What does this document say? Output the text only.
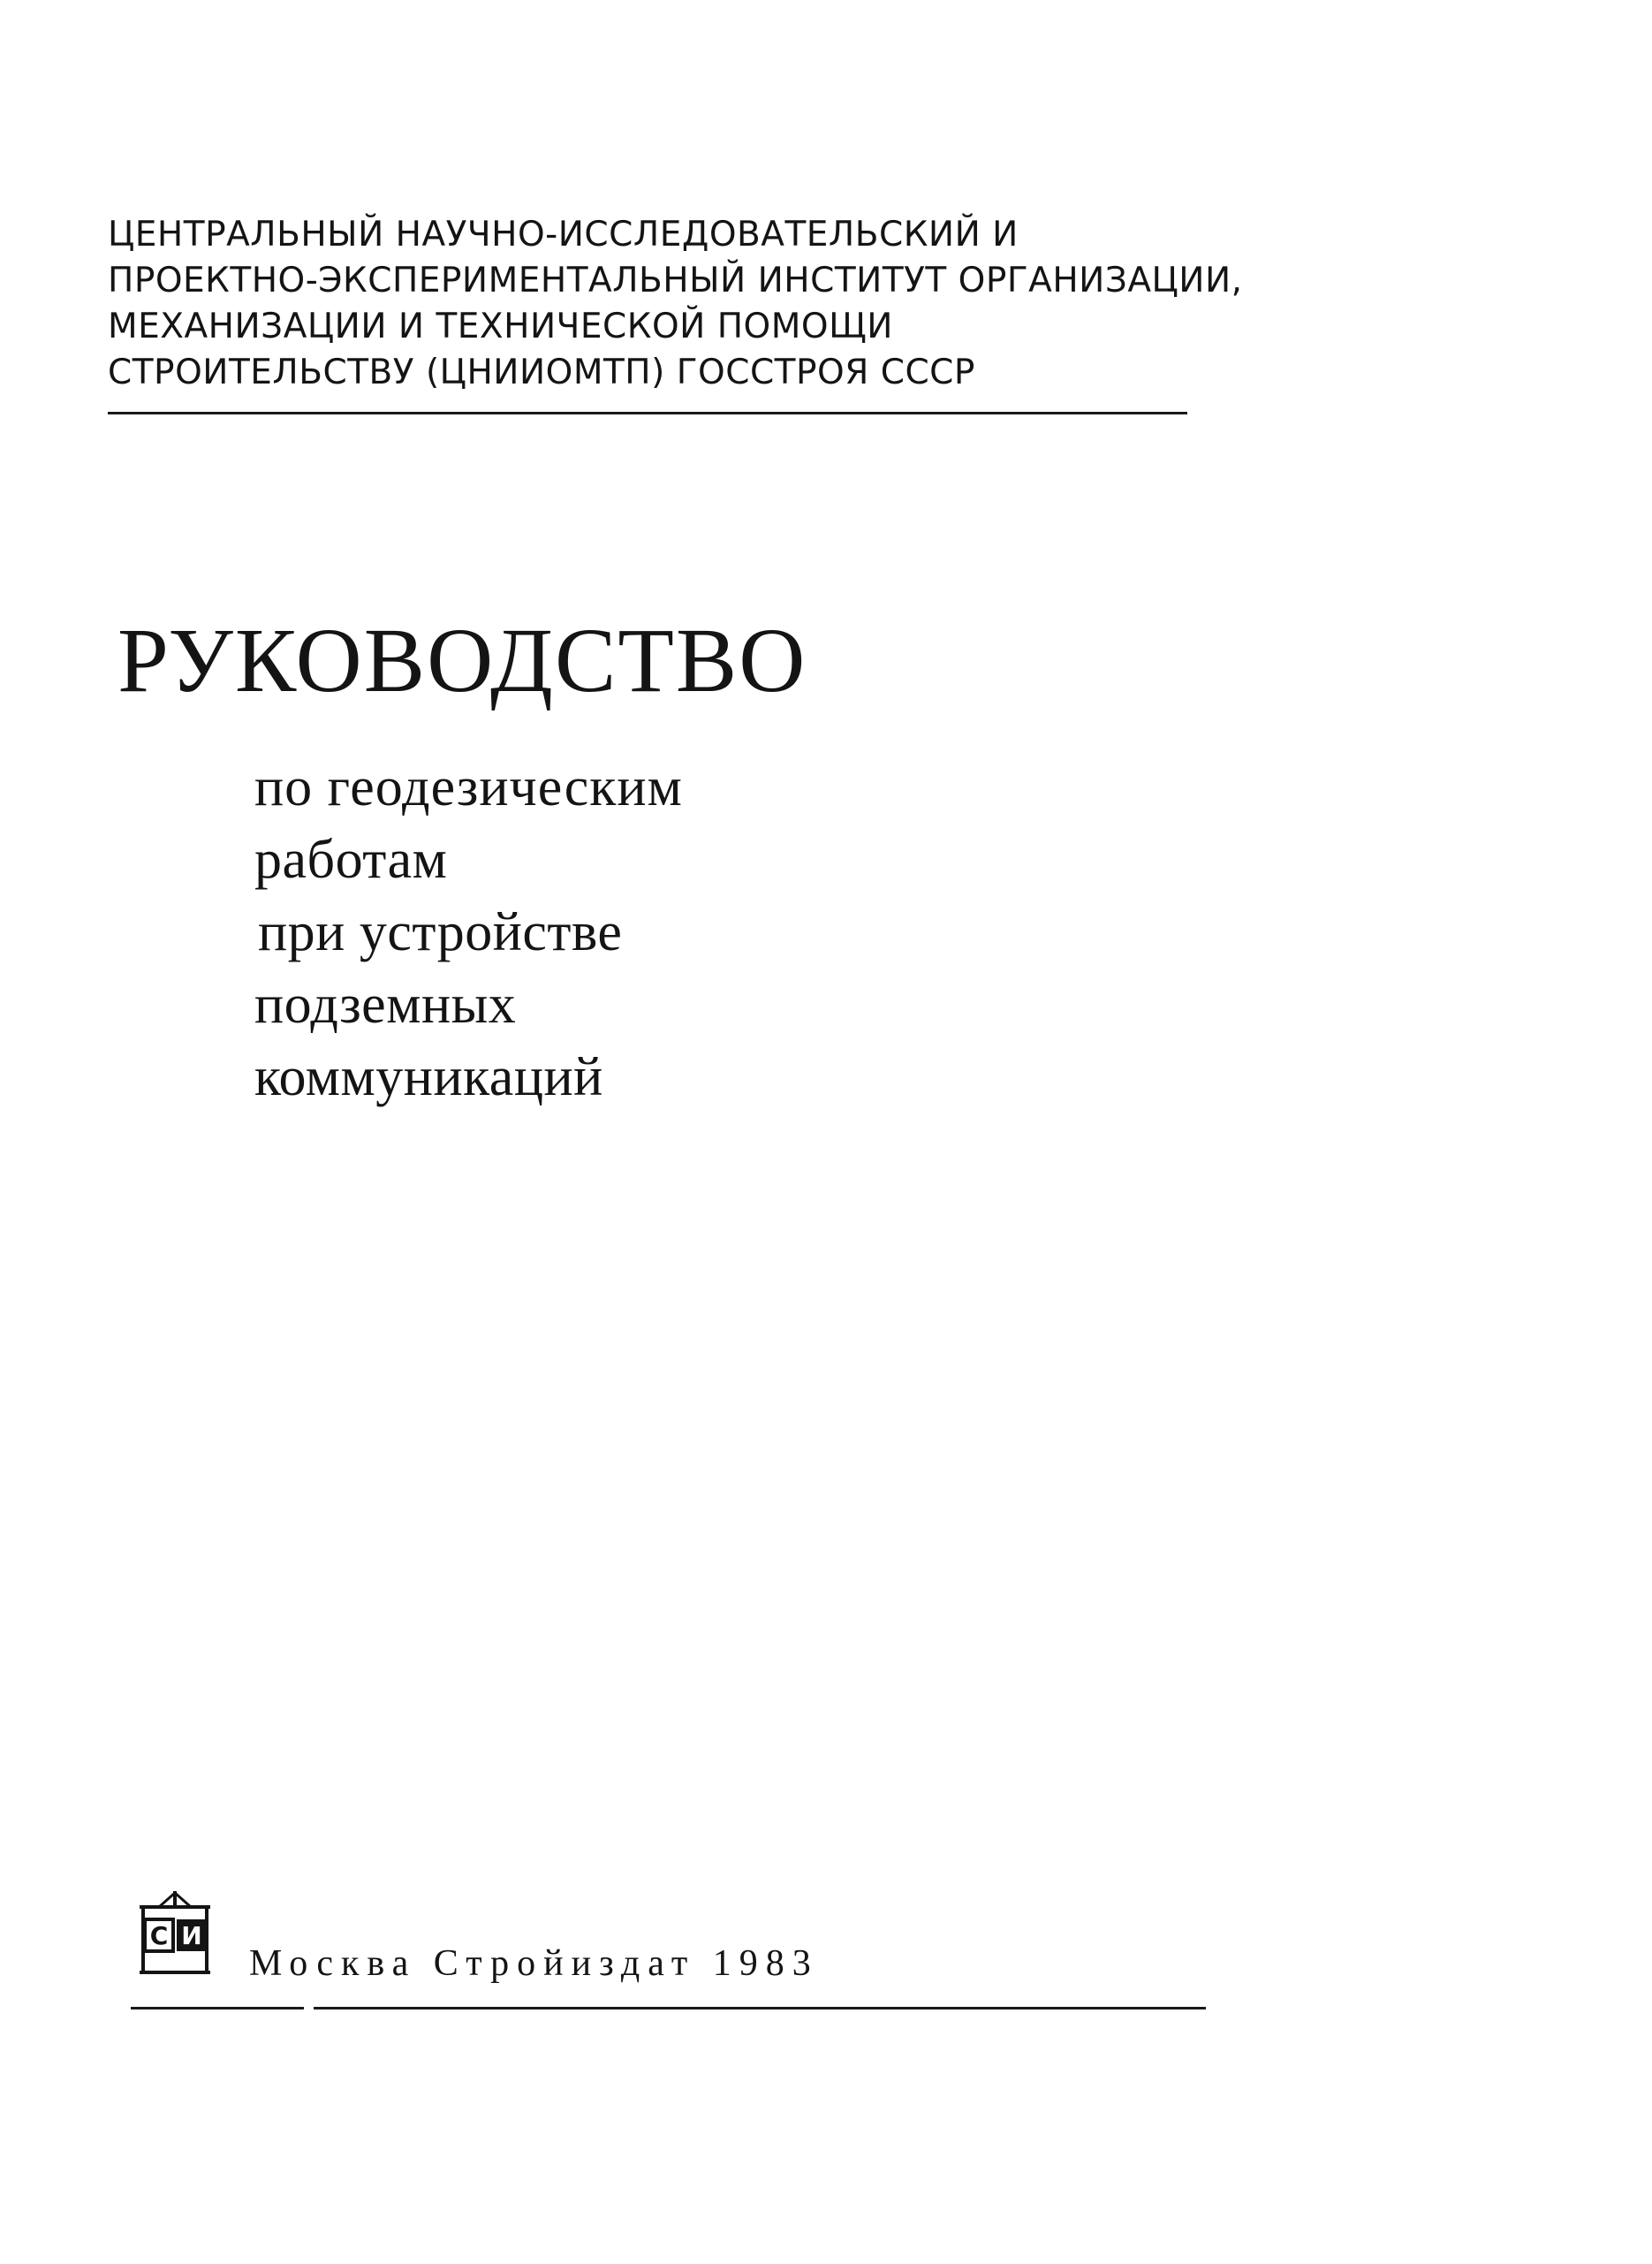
ЦЕНТРАЛЬНЫЙ НАУЧНО-ИССЛЕДОВАТЕЛЬСКИЙ И
ПРОЕКТНО-ЭКСПЕРИМЕНТАЛЬНЫЙ ИНСТИТУТ ОРГАНИЗАЦИИ,
МЕХАНИЗАЦИИ И ТЕХНИЧЕСКОЙ ПОМОЩИ
СТРОИТЕЛЬСТВУ (ЦНИИОМТП) ГОССТРОЯ СССР
РУКОВОДСТВО
по геодезическим
работам
при устройстве
подземных
коммуникаций
С И
Москва Стройиздат 1983
